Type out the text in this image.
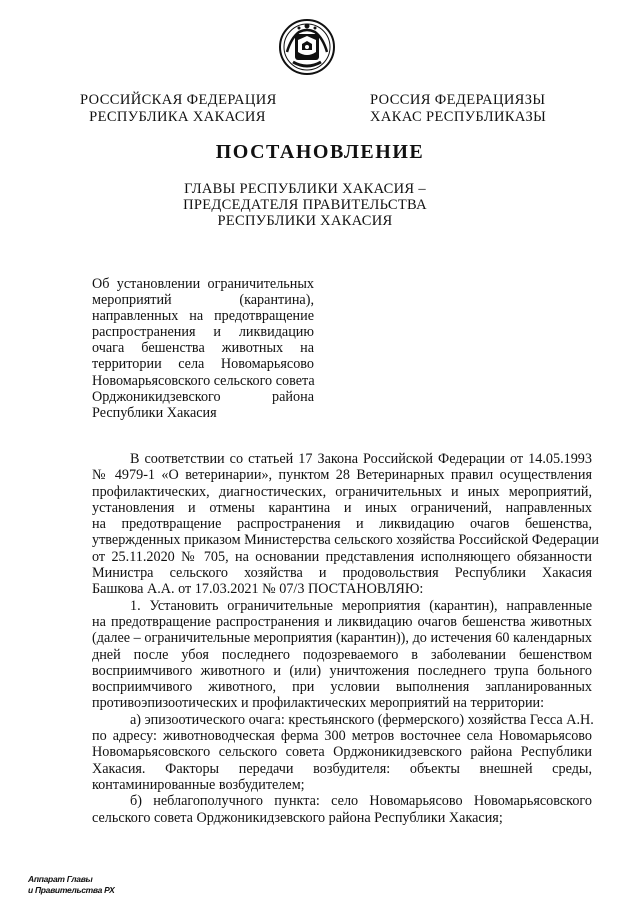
РОССИЙСКАЯ ФЕДЕРАЦИЯ
РЕСПУБЛИКА ХАКАСИЯ
РОССИЯ ФЕДЕРАЦИЯЗЫ
ХАКАС РЕСПУБЛИКАЗЫ
ПОСТАНОВЛЕНИЕ
ГЛАВЫ РЕСПУБЛИКИ ХАКАСИЯ –
ПРЕДСЕДАТЕЛЯ ПРАВИТЕЛЬСТВА
РЕСПУБЛИКИ ХАКАСИЯ
Об установлении ограничительных
мероприятий (карантина),
направленных на предотвращение
распространения и ликвидацию
очага бешенства животных на
территории села Новомарьясово
Новомарьясовского сельского совета
Орджоникидзевского района
Республики Хакасия
В соответствии со статьей 17 Закона Российской Федерации от 14.05.1993
№ 4979-1 «О ветеринарии», пунктом 28 Ветеринарных правил осуществления
профилактических, диагностических, ограничительных и иных мероприятий,
установления и отмены карантина и иных ограничений, направленных
на предотвращение распространения и ликвидацию очагов бешенства,
утвержденных приказом Министерства сельского хозяйства Российской Федерации
от 25.11.2020 № 705, на основании представления исполняющего обязанности
Министра сельского хозяйства и продовольствия Республики Хакасия
Башкова А.А. от 17.03.2021 № 07/3 ПОСТАНОВЛЯЮ:
1. Установить ограничительные мероприятия (карантин), направленные
на предотвращение распространения и ликвидацию очагов бешенства животных
(далее – ограничительные мероприятия (карантин)), до истечения 60 календарных
дней после убоя последнего подозреваемого в заболевании бешенством
восприимчивого животного и (или) уничтожения последнего трупа больного
восприимчивого животного, при условии выполнения запланированных
противоэпизоотических и профилактических мероприятий на территории:
а) эпизоотического очага: крестьянского (фермерского) хозяйства Гесса А.Н.
по адресу: животноводческая ферма 300 метров восточнее села Новомарьясово
Новомарьясовского сельского совета Орджоникидзевского района Республики
Хакасия. Факторы передачи возбудителя: объекты внешней среды,
контаминированные возбудителем;
б) неблагополучного пункта: село Новомарьясово Новомарьясовского
сельского совета Орджоникидзевского района Республики Хакасия;
Аппарат Главы
и Правительства РХ
